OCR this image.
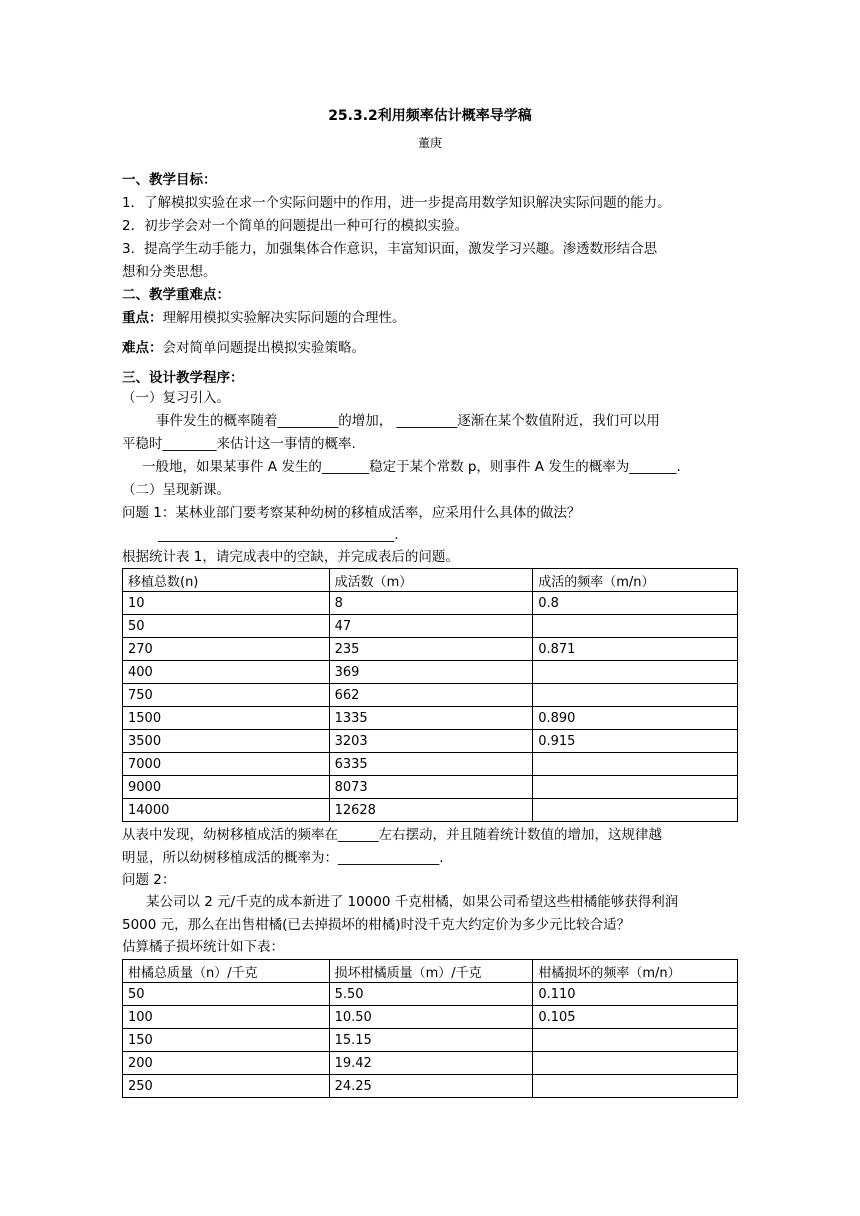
25.3.2利用频率估计概率导学稿
董庚
一、教学目标：
1．了解模拟实验在求一个实际问题中的作用，进一步提高用数学知识解决实际问题的能力。
2．初步学会对一个简单的问题提出一种可行的模拟实验。
3．提高学生动手能力，加强集体合作意识，丰富知识面，激发学习兴趣。渗透数形结合思
想和分类思想。
二、教学重难点：
重点：理解用模拟实验解决实际问题的合理性。
难点：会对简单问题提出模拟实验策略。
三、设计教学程序：
（一）复习引入。
事件发生的概率随着_________的增加， _________逐渐在某个数值附近，我们可以用
平稳时________来估计这一事情的概率.
一般地，如果某事件 A 发生的_______稳定于某个常数 p，则事件 A 发生的概率为_______.
（二）呈现新课。
问题 1：某林业部门要考察某种幼树的移植成活率，应采用什么具体的做法？
___________________________________.
根据统计表 1，请完成表中的空缺，并完成表后的问题。
移植总数(n)	成活数（m）	成活的频率（m/n）
10	8	0.8
50	47	
270	235	0.871
400	369	
750	662	
1500	1335	0.890
3500	3203	0.915
7000	6335	
9000	8073	
14000	12628	
从表中发现，幼树移植成活的频率在______左右摆动，并且随着统计数值的增加，这规律越
明显，所以幼树移植成活的概率为：_______________.
问题 2：
某公司以 2 元/千克的成本新进了 10000 千克柑橘，如果公司希望这些柑橘能够获得利润
5000 元，那么在出售柑橘(已去掉损坏的柑橘)时没千克大约定价为多少元比较合适？
估算橘子损坏统计如下表：
柑橘总质量（n）/千克	损坏柑橘质量（m）/千克	柑橘损坏的频率（m/n）
50	5.50	0.110
100	10.50	0.105
150	15.15	
200	19.42	
250	24.25	
